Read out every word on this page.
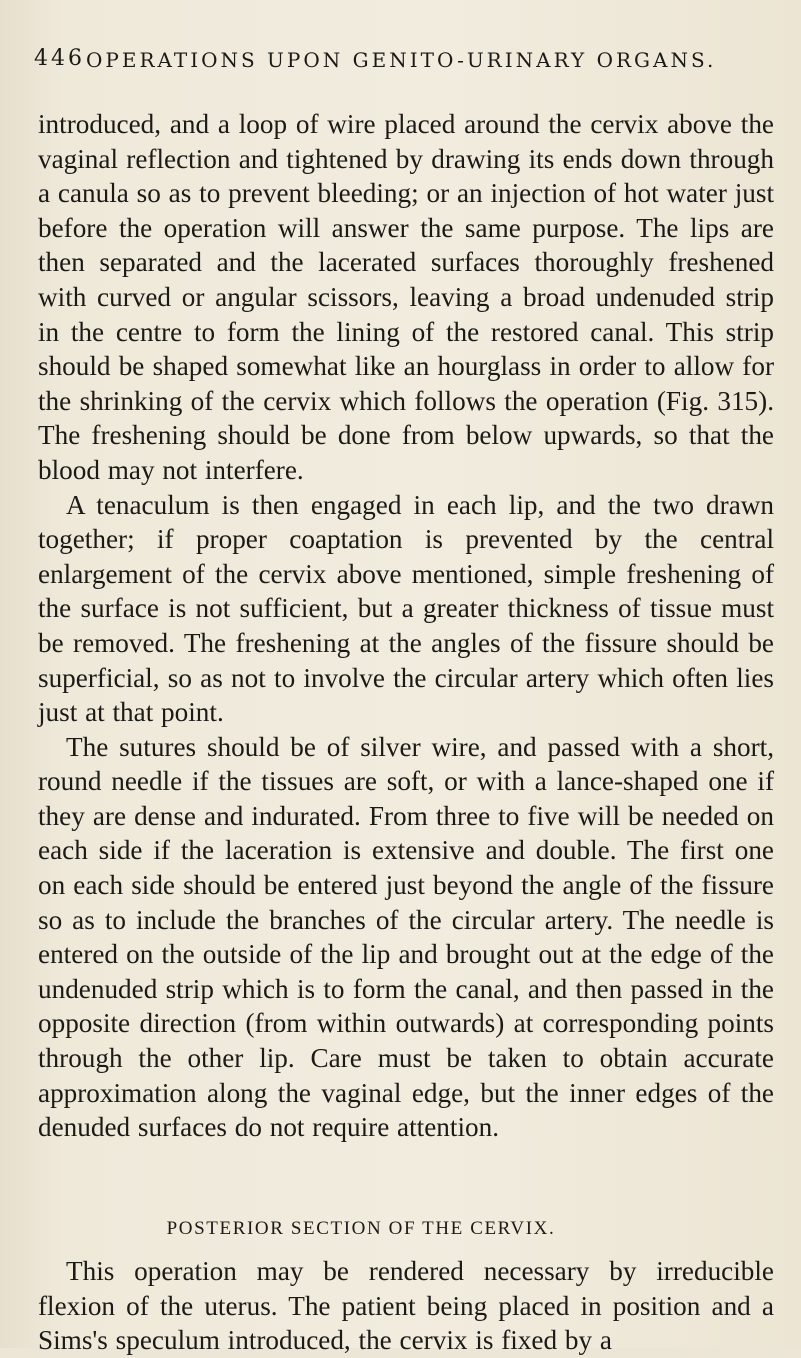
446 OPERATIONS UPON GENITO-URINARY ORGANS.

introduced, and a loop of wire placed around the cervix above the vaginal reflection and tightened by drawing its ends down through a canula so as to prevent bleeding; or an injection of hot water just before the operation will answer the same purpose. The lips are then separated and the lacerated surfaces thoroughly freshened with curved or angular scissors, leaving a broad undenuded strip in the centre to form the lining of the restored canal. This strip should be shaped somewhat like an hourglass in order to allow for the shrinking of the cervix which follows the operation (Fig. 315). The freshening should be done from below upwards, so that the blood may not interfere.

A tenaculum is then engaged in each lip, and the two drawn together; if proper coaptation is prevented by the central enlargement of the cervix above mentioned, simple freshening of the surface is not sufficient, but a greater thickness of tissue must be removed. The freshening at the angles of the fissure should be superficial, so as not to involve the circular artery which often lies just at that point.

The sutures should be of silver wire, and passed with a short, round needle if the tissues are soft, or with a lance-shaped one if they are dense and indurated. From three to five will be needed on each side if the laceration is extensive and double. The first one on each side should be entered just beyond the angle of the fissure so as to include the branches of the circular artery. The needle is entered on the outside of the lip and brought out at the edge of the undenuded strip which is to form the canal, and then passed in the opposite direction (from within outwards) at corresponding points through the other lip. Care must be taken to obtain accurate approximation along the vaginal edge, but the inner edges of the denuded surfaces do not require attention.

POSTERIOR SECTION OF THE CERVIX.

This operation may be rendered necessary by irreducible flexion of the uterus. The patient being placed in position and a Sims's speculum introduced, the cervix is fixed by a
